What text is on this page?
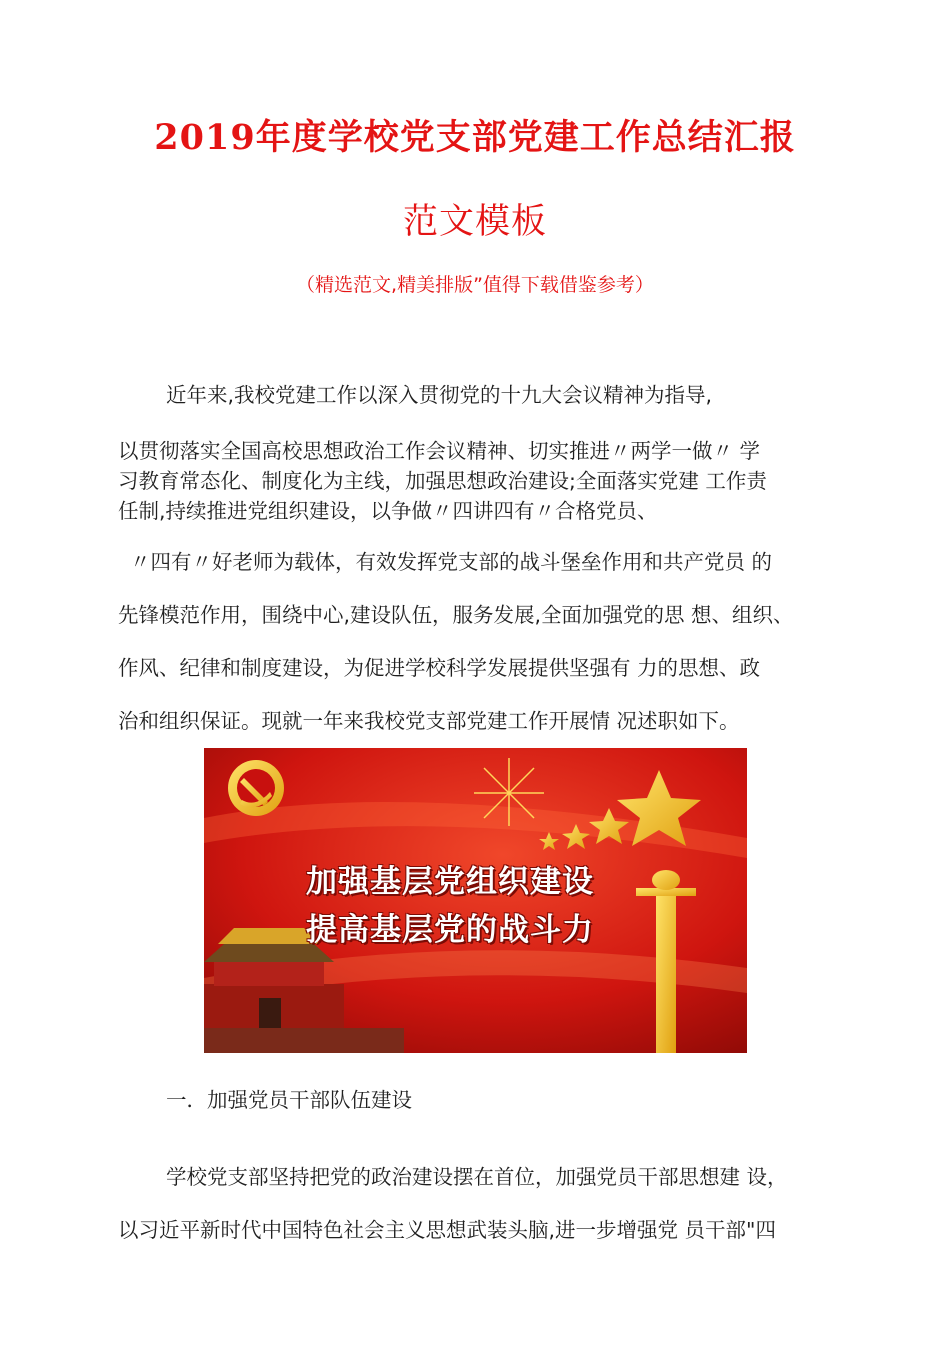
2019年度学校党支部党建工作总结汇报
范文模板
（精选范文,精美排版”值得下载借鉴参考）
近年来,我校党建工作以深入贯彻党的十九大会议精神为指导,
以贯彻落实全国高校思想政治工作会议精神、切实推进〃两学一做〃 学
习教育常态化、制度化为主线，加强思想政治建设;全面落实党建 工作责
任制,持续推进党组织建设，以争做〃四讲四有〃合格党员、
〃四有〃好老师为载体，有效发挥党支部的战斗堡垒作用和共产党员 的
先锋模范作用，围绕中心,建设队伍，服务发展,全面加强党的思 想、组织、
作风、纪律和制度建设，为促进学校科学发展提供坚强有 力的思想、政
治和组织保证。现就一年来我校党支部党建工作开展情 况述职如下。
加强基层党组织建设
提高基层党的战斗力
一．加强党员干部队伍建设
学校党支部坚持把党的政治建设摆在首位，加强党员干部思想建 设，
以习近平新时代中国特色社会主义思想武装头脑,进一步增强党 员干部"四
